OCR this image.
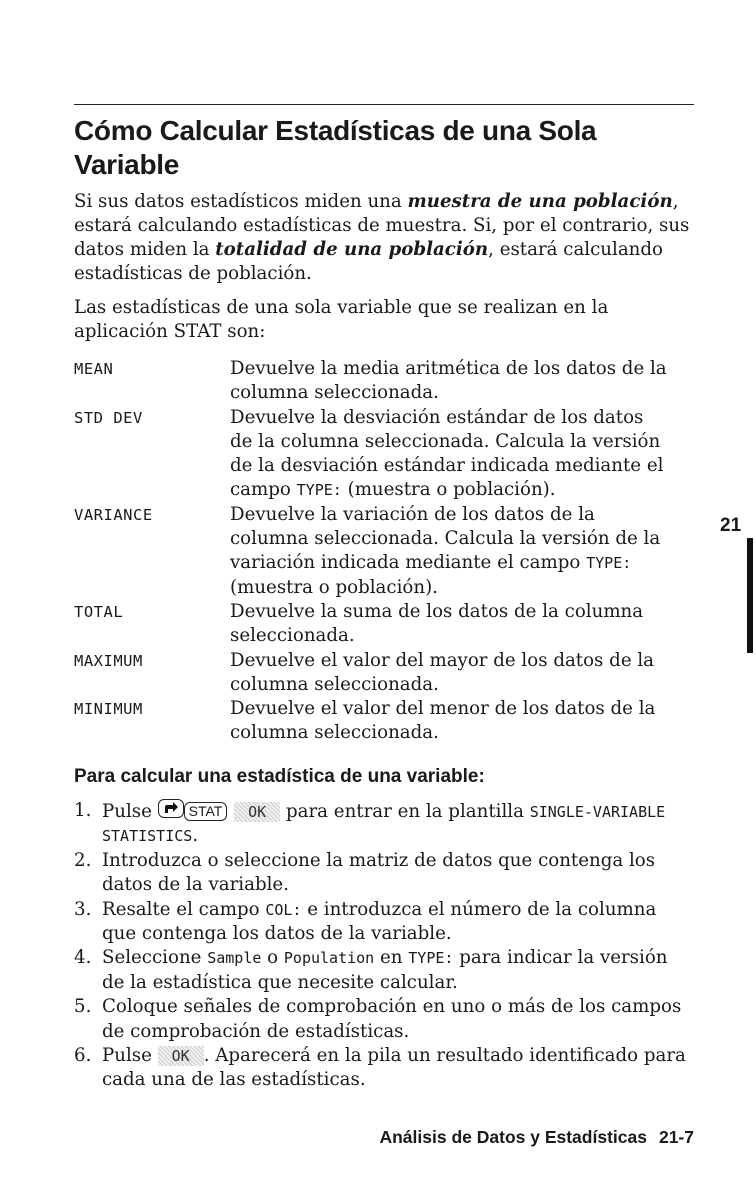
Cómo Calcular Estadísticas de una Sola Variable
Si sus datos estadísticos miden una muestra de una población, estará calculando estadísticas de muestra. Si, por el contrario, sus datos miden la totalidad de una población, estará calculando estadísticas de población.
Las estadísticas de una sola variable que se realizan en la aplicación STAT son:
MEAN	Devuelve la media aritmética de los datos de la columna seleccionada.
STD DEV	Devuelve la desviación estándar de los datos de la columna seleccionada. Calcula la versión de la desviación estándar indicada mediante el campo TYPE: (muestra o población).
VARIANCE	Devuelve la variación de los datos de la columna seleccionada. Calcula la versión de la variación indicada mediante el campo TYPE: (muestra o población).
TOTAL	Devuelve la suma de los datos de la columna seleccionada.
MAXIMUM	Devuelve el valor del mayor de los datos de la columna seleccionada.
MINIMUM	Devuelve el valor del menor de los datos de la columna seleccionada.
Para calcular una estadística de una variable:
1. Pulse
STAT OK para entrar en la plantilla SINGLE-VARIABLE STATISTICS.
2. Introduzca o seleccione la matriz de datos que contenga los datos de la variable.
3. Resalte el campo COL: e introduzca el número de la columna que contenga los datos de la variable.
4. Seleccione Sample o Population en TYPE: para indicar la versión de la estadística que necesite calcular.
5. Coloque señales de comprobación en uno o más de los campos de comprobación de estadísticas.
6. Pulse OK . Aparecerá en la pila un resultado identificado para cada una de las estadísticas.
21
Análisis de Datos y Estadísticas 21-7
